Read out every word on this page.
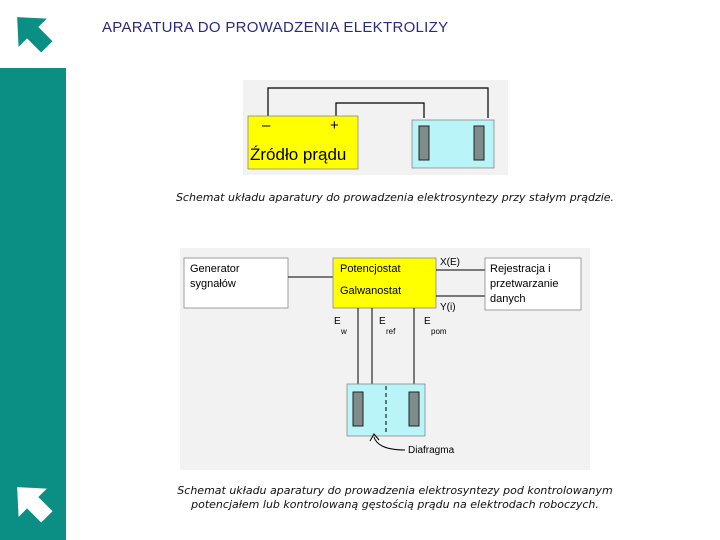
APARATURA DO PROWADZENIA ELEKTROLIZY
–	+
Źródło prądu
Schemat układu aparatury do prowadzenia elektrosyntezy przy stałym prądzie.
Generator
sygnałów
Potencjostat
Galwanostat
X(E)
Y(i)
Rejestracja i
przetwarzanie
danych
E
w
E
ref
E
pom
Diafragma
Schemat układu aparatury do prowadzenia elektrosyntezy pod kontrolowanym
potencjałem lub kontrolowaną gęstością prądu na elektrodach roboczych.
